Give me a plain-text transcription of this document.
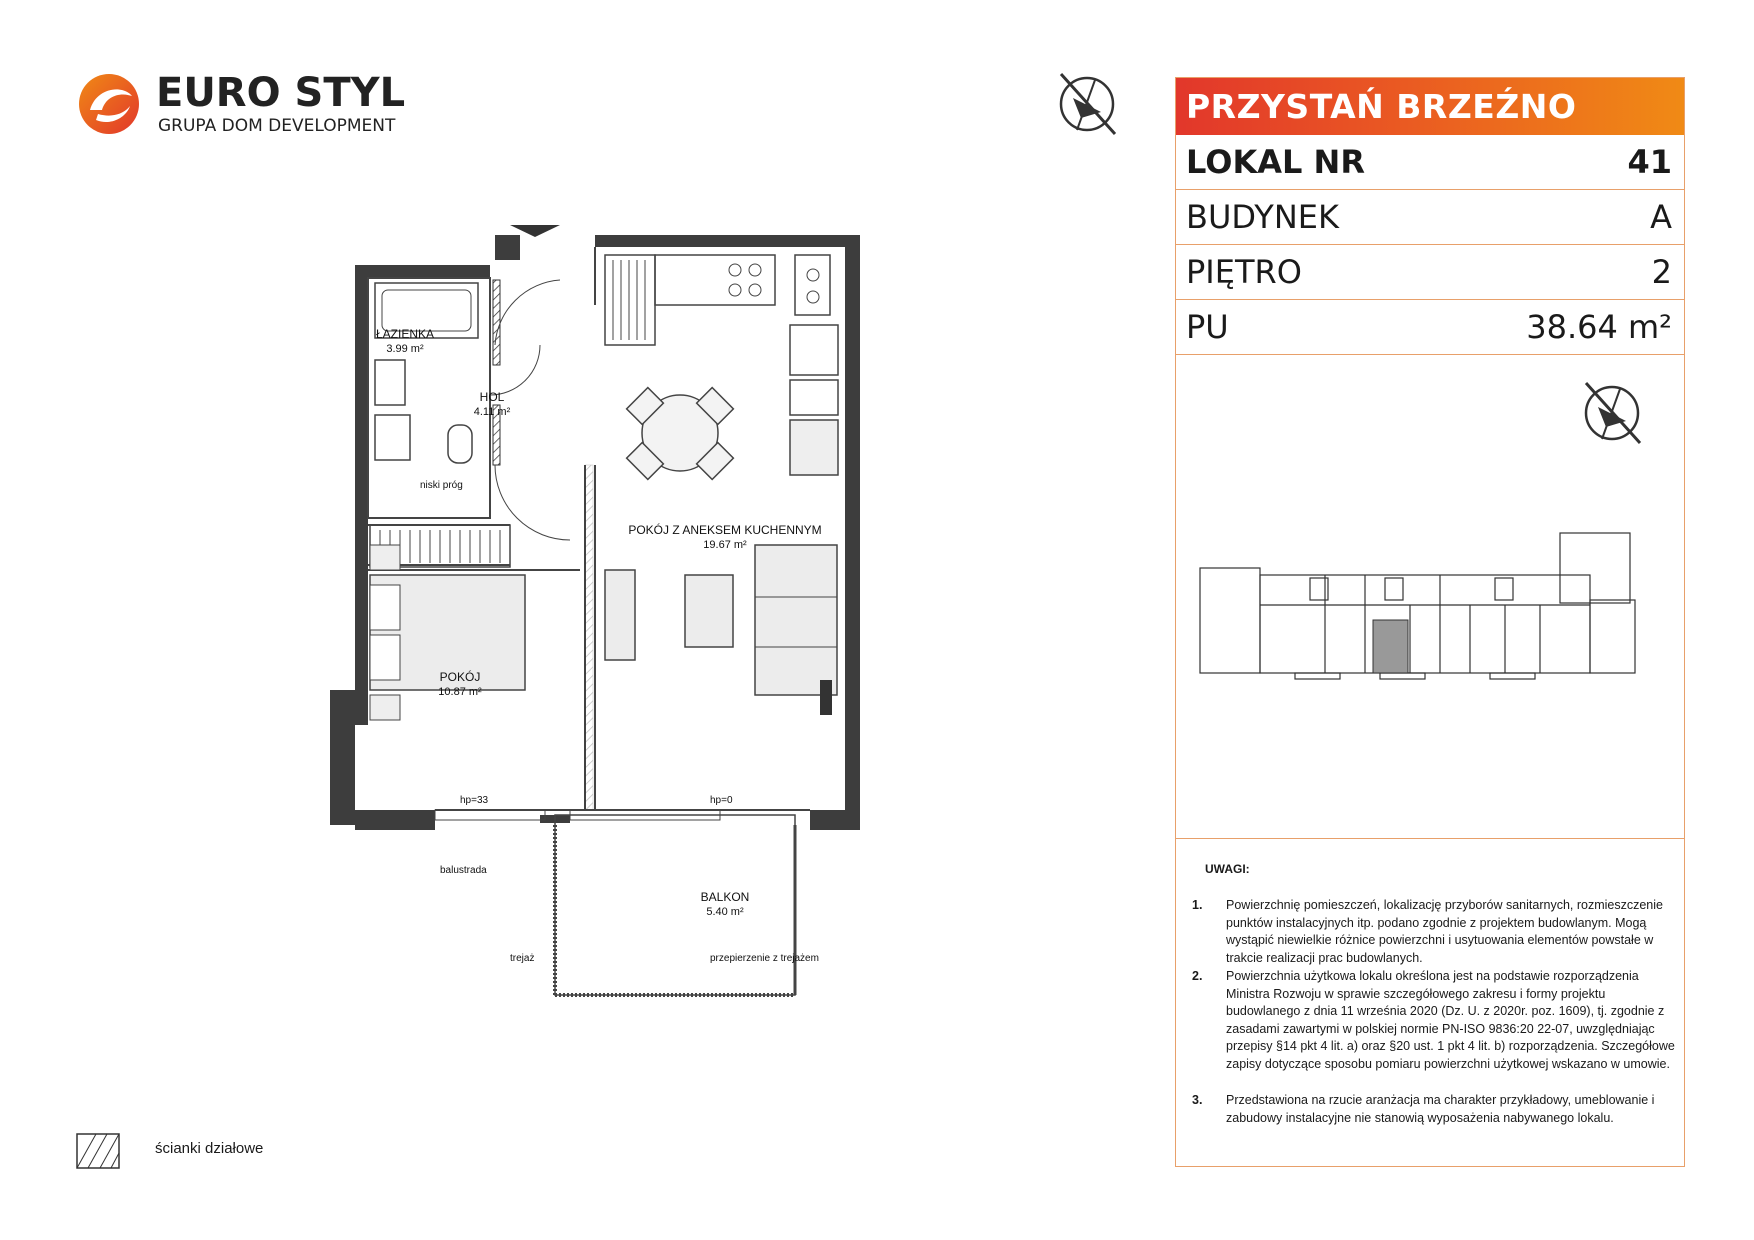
EURO STYL
GRUPA DOM DEVELOPMENT
ŁAZIENKA
3.99 m²
HOL
4.11 m²
POKÓJ Z ANEKSEM KUCHENNYM
19.67 m²
POKÓJ
10.87 m²
BALKON
5.40 m²
niski próg
hp=33	hp=0
balustrada
trejaż	przepierzenie z trejażem
ścianki działowe
PRZYSTAŃ BRZEŹNO
LOKAL NR	41
BUDYNEK	A
PIĘTRO	2
PU	38.64 m²
UWAGI:
1. Powierzchnię pomieszczeń, lokalizację przyborów sanitarnych, rozmieszczenie punktów instalacyjnych itp. podano zgodnie z projektem budowlanym. Mogą wystąpić niewielkie różnice powierzchni i usytuowania elementów powstałe w trakcie realizacji prac budowlanych.
2. Powierzchnia użytkowa lokalu określona jest na podstawie rozporządzenia Ministra Rozwoju w sprawie szczegółowego zakresu i formy projektu budowlanego z dnia 11 września 2020 (Dz. U. z 2020r. poz. 1609), tj. zgodnie z zasadami zawartymi w polskiej normie PN-ISO 9836:20 22-07, uwzględniając przepisy §14 pkt 4 lit. a) oraz §20 ust. 1 pkt 4 lit. b) rozporządzenia. Szczegółowe zapisy dotyczące sposobu pomiaru powierzchni użytkowej wskazano w umowie.
3. Przedstawiona na rzucie aranżacja ma charakter przykładowy, umeblowanie i zabudowy instalacyjne nie stanowią wyposażenia nabywanego lokalu.
